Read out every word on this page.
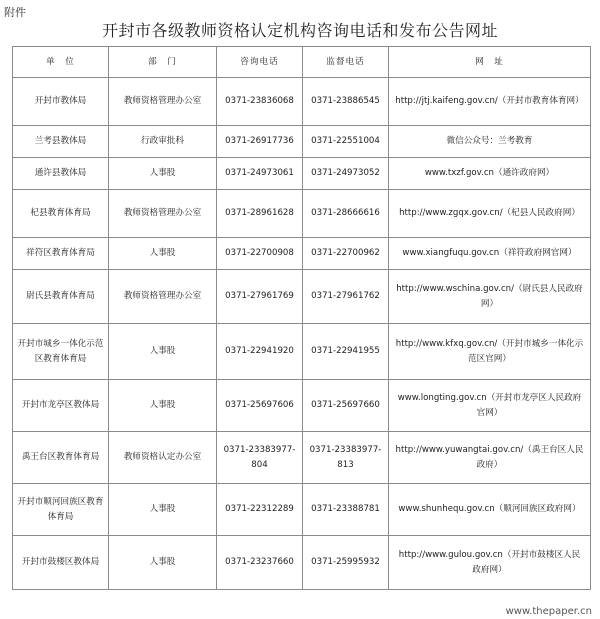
附件
开封市各级教师资格认定机构咨询电话和发布公告网址
单　位	部　门	咨询电话	监督电话	网　址
开封市教体局	教师资格管理办公室	0371-23836068	0371-23886545	http://jtj.kaifeng.gov.cn/（开封市教育体育网）
兰考县教体局	行政审批科	0371-26917736	0371-22551004	微信公众号：兰考教育
通许县教体局	人事股	0371-24973061	0371-24973052	www.txzf.gov.cn（通许政府网）
杞县教育体育局	教师资格管理办公室	0371-28961628	0371-28666616	http://www.zgqx.gov.cn/（杞县人民政府网）
祥符区教育体育局	人事股	0371-22700908	0371-22700962	www.xiangfuqu.gov.cn（祥符政府网官网）
尉氏县教育体育局	教师资格管理办公室	0371-27961769	0371-27961762	http://www.wschina.gov.cn/（尉氏县人民政府网）
开封市城乡一体化示范区教育体育局	人事股	0371-22941920	0371-22941955	http://www.kfxq.gov.cn/（开封市城乡一体化示范区官网）
开封市龙亭区教体局	人事股	0371-25697606	0371-25697660	www.longting.gov.cn（开封市龙亭区人民政府官网）
禹王台区教育体育局	教师资格认定办公室	0371-23383977-804	0371-23383977-813	http://www.yuwangtai.gov.cn/（禹王台区人民政府）
开封市顺河回族区教育体育局	人事股	0371-22312289	0371-23388781	www.shunhequ.gov.cn（顺河回族区政府网）
开封市鼓楼区教体局	人事股	0371-23237660	0371-25995932	http://www.gulou.gov.cn（开封市鼓楼区人民政府网）
www.thepaper.cn
